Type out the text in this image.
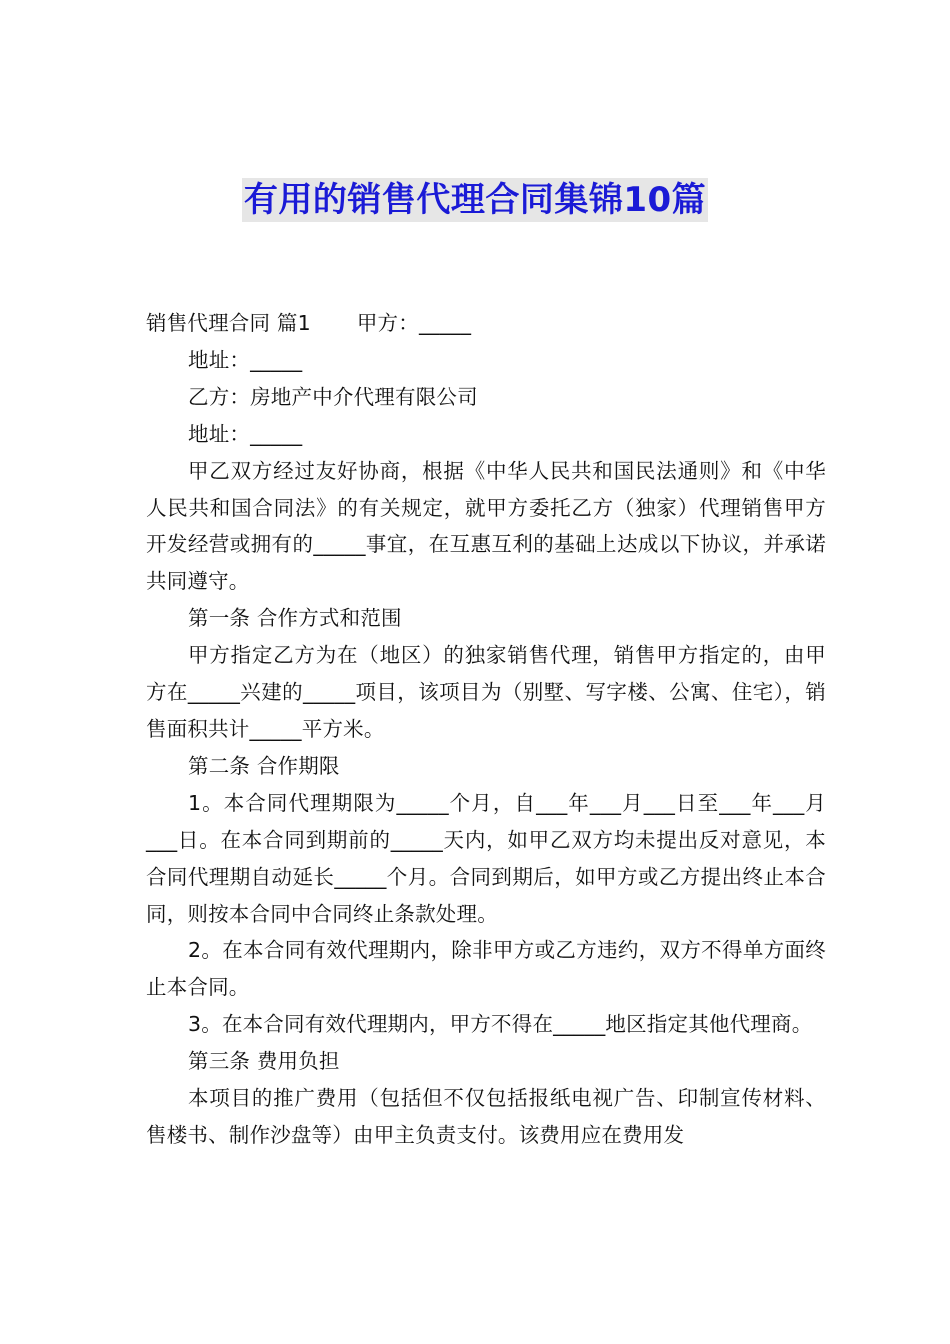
有用的销售代理合同集锦10篇

销售代理合同 篇1 甲方：_____

地址：_____

乙方：房地产中介代理有限公司

地址：_____

甲乙双方经过友好协商，根据《中华人民共和国民法通则》和《中华人民共和国合同法》的有关规定，就甲方委托乙方（独家）代理销售甲方开发经营或拥有的_____事宜，在互惠互利的基础上达成以下协议，并承诺共同遵守。

第一条 合作方式和范围

甲方指定乙方为在（地区）的独家销售代理，销售甲方指定的，由甲方在_____兴建的_____项目，该项目为（别墅、写字楼、公寓、住宅），销售面积共计_____平方米。

第二条 合作期限

1。本合同代理期限为_____个月，自___年___月___日至___年___月___日。在本合同到期前的_____天内，如甲乙双方均未提出反对意见，本合同代理期自动延长_____个月。合同到期后，如甲方或乙方提出终止本合同，则按本合同中合同终止条款处理。

2。在本合同有效代理期内，除非甲方或乙方违约，双方不得单方面终止本合同。

3。在本合同有效代理期内，甲方不得在_____地区指定其他代理商。

第三条 费用负担

本项目的推广费用（包括但不仅包括报纸电视广告、印制宣传材料、售楼书、制作沙盘等）由甲主负责支付。该费用应在费用发
